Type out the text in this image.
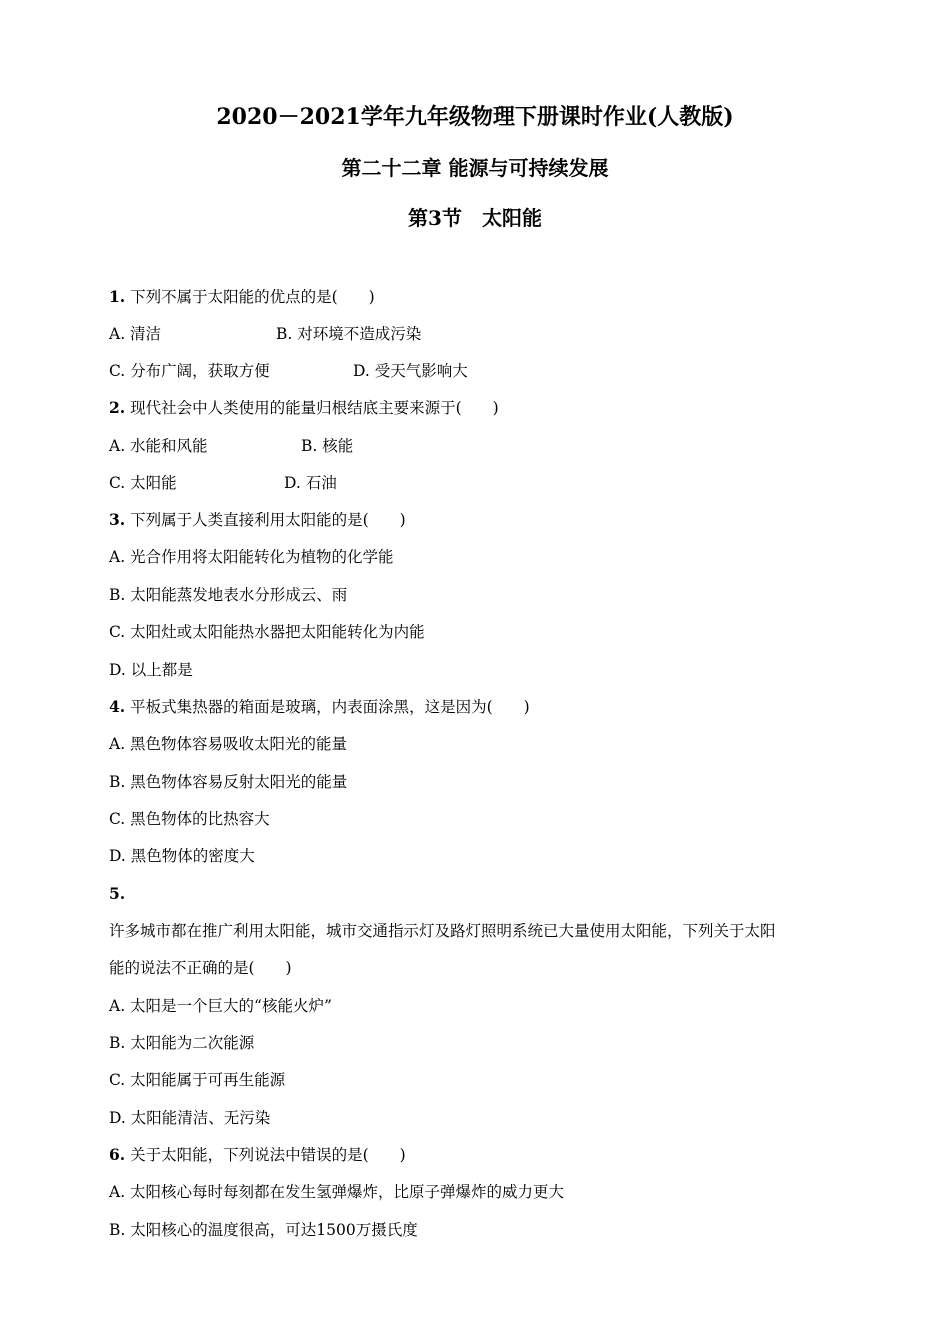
2020－2021学年九年级物理下册课时作业(人教版)
第二十二章 能源与可持续发展
第3节　太阳能
1. 下列不属于太阳能的优点的是(　　)
A. 清洁	B. 对环境不造成污染
C. 分布广阔，获取方便	D. 受天气影响大
2. 现代社会中人类使用的能量归根结底主要来源于(　　)
A. 水能和风能	B. 核能
C. 太阳能	D. 石油
3. 下列属于人类直接利用太阳能的是(　　)
A. 光合作用将太阳能转化为植物的化学能
B. 太阳能蒸发地表水分形成云、雨
C. 太阳灶或太阳能热水器把太阳能转化为内能
D. 以上都是
4. 平板式集热器的箱面是玻璃，内表面涂黑，这是因为(　　)
A. 黑色物体容易吸收太阳光的能量
B. 黑色物体容易反射太阳光的能量
C. 黑色物体的比热容大
D. 黑色物体的密度大
5.
许多城市都在推广利用太阳能，城市交通指示灯及路灯照明系统已大量使用太阳能，下列关于太阳
能的说法不正确的是(　　)
A. 太阳是一个巨大的“核能火炉”
B. 太阳能为二次能源
C. 太阳能属于可再生能源
D. 太阳能清洁、无污染
6. 关于太阳能，下列说法中错误的是(　　)
A. 太阳核心每时每刻都在发生氢弹爆炸，比原子弹爆炸的威力更大
B. 太阳核心的温度很高，可达1500万摄氏度
